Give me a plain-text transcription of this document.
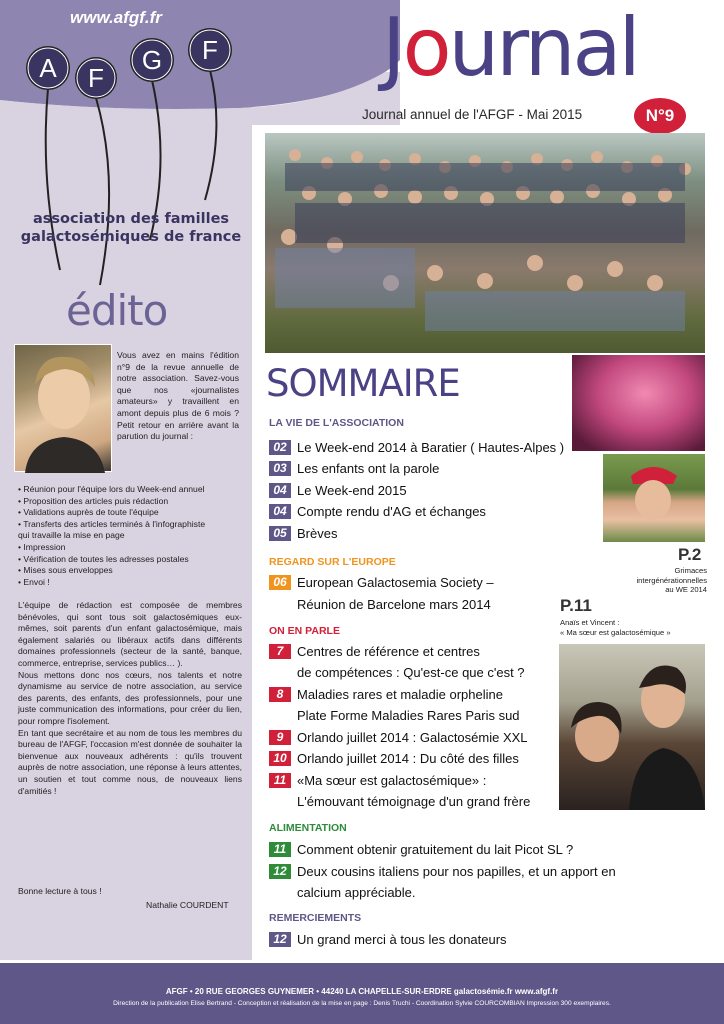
www.afgf.fr
A F
G F
association des familles
galactosémiques de france
édito
Vous avez en mains l'édition n°9 de la revue annuelle de notre association. Savez-vous que nos «journalistes amateurs» y travaillent en amont depuis plus de 6 mois ? Petit retour en arrière avant la parution du journal :
• Réunion pour l'équipe lors du Week-end annuel
• Proposition des articles puis rédaction
• Validations auprès de toute l'équipe
• Transferts des articles terminés à l'infographiste
qui travaille la mise en page
• Impression
• Vérification de toutes les adresses postales
• Mises sous enveloppes
• Envoi !

L'équipe de rédaction est composée de membres bénévoles, qui sont tous soit galactosémiques eux-mêmes, soit parents d'un enfant galactosémique, mais également salariés ou libéraux actifs dans différents domaines professionnels (secteur de la santé, banque, commerce, entreprise, services publics… ).

Nous mettons donc nos cœurs, nos talents et notre dynamisme au service de notre association, au service des parents, des enfants, des professionnels, pour une juste communication des informations, pour créer du lien, pour rompre l'isolement.

En tant que secrétaire et au nom de tous les membres du bureau de l'AFGF, l'occasion m'est donnée de souhaiter la bienvenue aux nouveaux adhérents : qu'ils trouvent auprès de notre association, une réponse à leurs attentes, un soutien et tout comme nous, de nouveaux liens d'amitiés !

Bonne lecture à tous !
Nathalie COURDENT
Le Journal
Journal annuel de l'AFGF - Mai 2015	N°9
SOMMAIRE
LA VIE DE L'ASSOCIATION
02 Le Week-end 2014 à Baratier ( Hautes-Alpes )
03 Les enfants ont la parole
04 Le Week-end 2015
04 Compte rendu d'AG et échanges
05 Brèves
REGARD SUR L'EUROPE
06 European Galactosemia Society –
Réunion de Barcelone mars 2014
ON EN PARLE
7 Centres de référence et centres
de compétences : Qu'est-ce que c'est ?
8 Maladies rares et maladie orpheline
Plate Forme Maladies Rares Paris sud
9 Orlando juillet 2014 : Galactosémie XXL
10 Orlando juillet 2014 : Du côté des filles
11 «Ma sœur est galactosémique» :
L'émouvant témoignage d'un grand frère
ALIMENTATION
11 Comment obtenir gratuitement du lait Picot SL ?
12 Deux cousins italiens pour nos papilles, et un apport en
calcium appréciable.
REMERCIEMENTS
12 Un grand merci à tous les donateurs
P.2
Grimaces
intergénérationnelles
au WE 2014
P.11
Anaïs et Vincent :
« Ma sœur est galactosémique »
AFGF • 20 RUE GEORGES GUYNEMER • 44240 LA CHAPELLE-SUR-ERDRE galactosémie.fr www.afgf.fr
Direction de la publication Elise Bertrand - Conception et réalisation de la mise en page : Denis Truchi - Coordination Sylvie COURCOMBIAN Impression 300 exemplaires.
